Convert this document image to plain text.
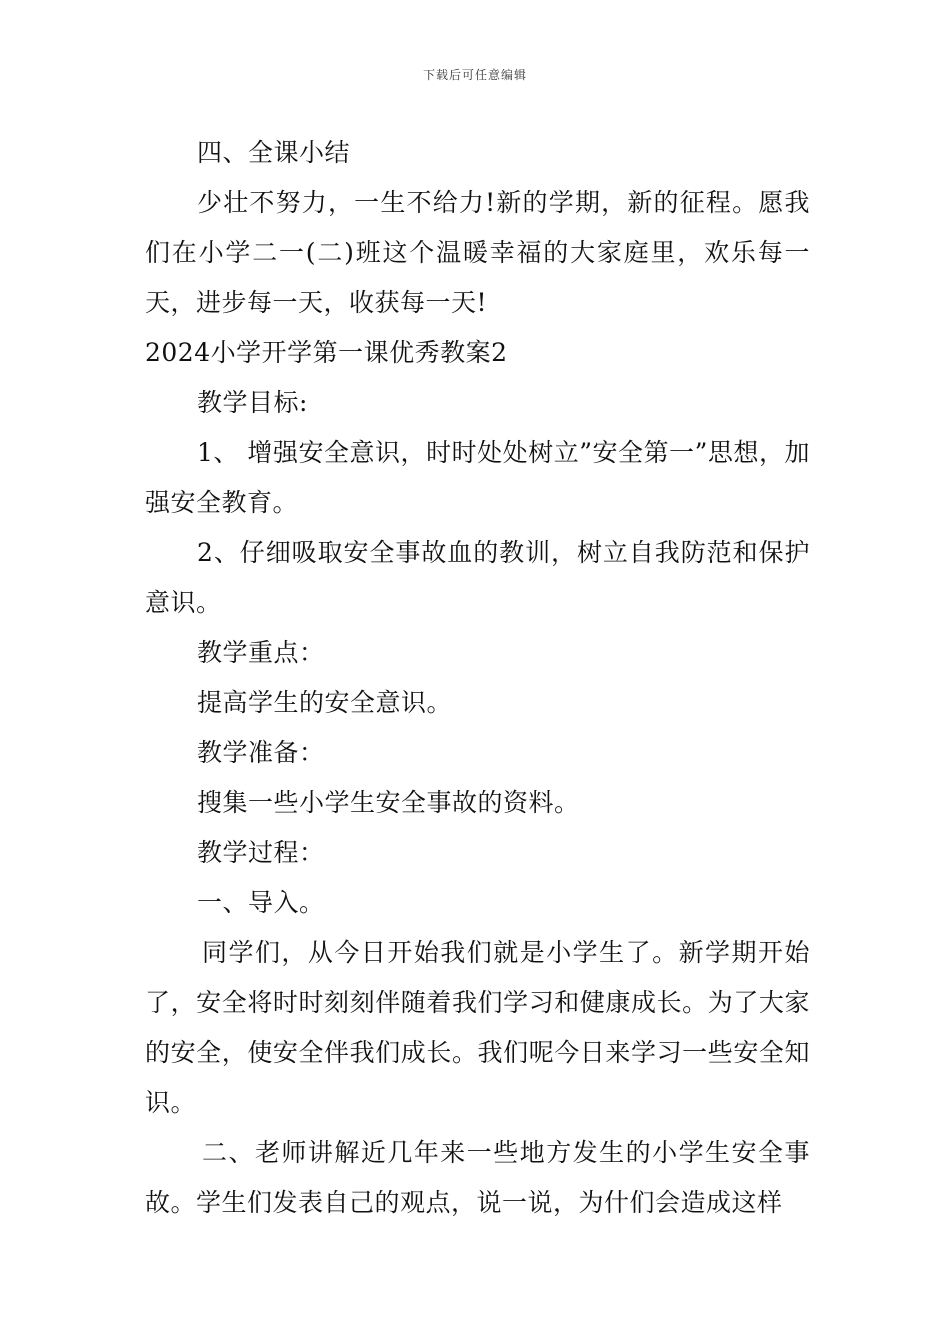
下载后可任意编辑

四、全课小结

少壮不努力，一生不给力!新的学期，新的征程。愿我们在小学二一(二)班这个温暖幸福的大家庭里，欢乐每一天，进步每一天，收获每一天!

2024小学开学第一课优秀教案2

教学目标:

1、 增强安全意识，时时处处树立”安全第一”思想，加强安全教育。

2、仔细吸取安全事故血的教训，树立自我防范和保护意识。

教学重点：

提高学生的安全意识。

教学准备：

搜集一些小学生安全事故的资料。

教学过程：

一、导入。

同学们，从今日开始我们就是小学生了。新学期开始了，安全将时时刻刻伴随着我们学习和健康成长。为了大家的安全，使安全伴我们成长。我们呢今日来学习一些安全知识。

二、老师讲解近几年来一些地方发生的小学生安全事故。学生们发表自己的观点，说一说，为什们会造成这样
